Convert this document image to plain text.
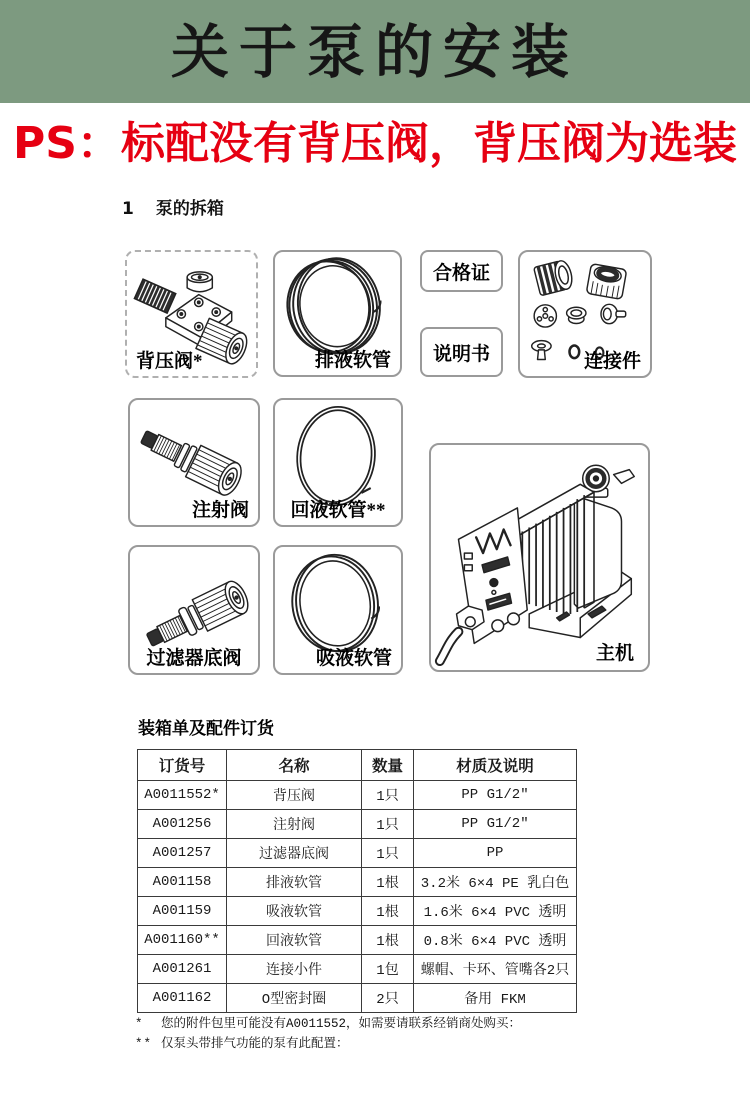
关于泵的安装
PS：标配没有背压阀，背压阀为选装
1 泵的拆箱
背压阀*	排液软管
合格证
说明书	连接件
注射阀	回液软管**
过滤器底阀	吸液软管	主机
装箱单及配件订货
订货号	名称	数量	材质及说明
A0011552*	背压阀	1只	PP G1/2″
A001256	注射阀	1只	PP G1/2″
A001257	过滤器底阀	1只	PP
A001158	排液软管	1根	3.2米 6×4 PE 乳白色
A001159	吸液软管	1根	1.6米 6×4 PVC 透明
A001160**	回液软管	1根	0.8米 6×4 PVC 透明
A001261	连接小件	1包	螺帽、卡环、管嘴各2只
A001162	O型密封圈	2只	备用 FKM
*	您的附件包里可能没有A0011552，如需要请联系经销商处购买：
** 仅泵头带排气功能的泵有此配置：
